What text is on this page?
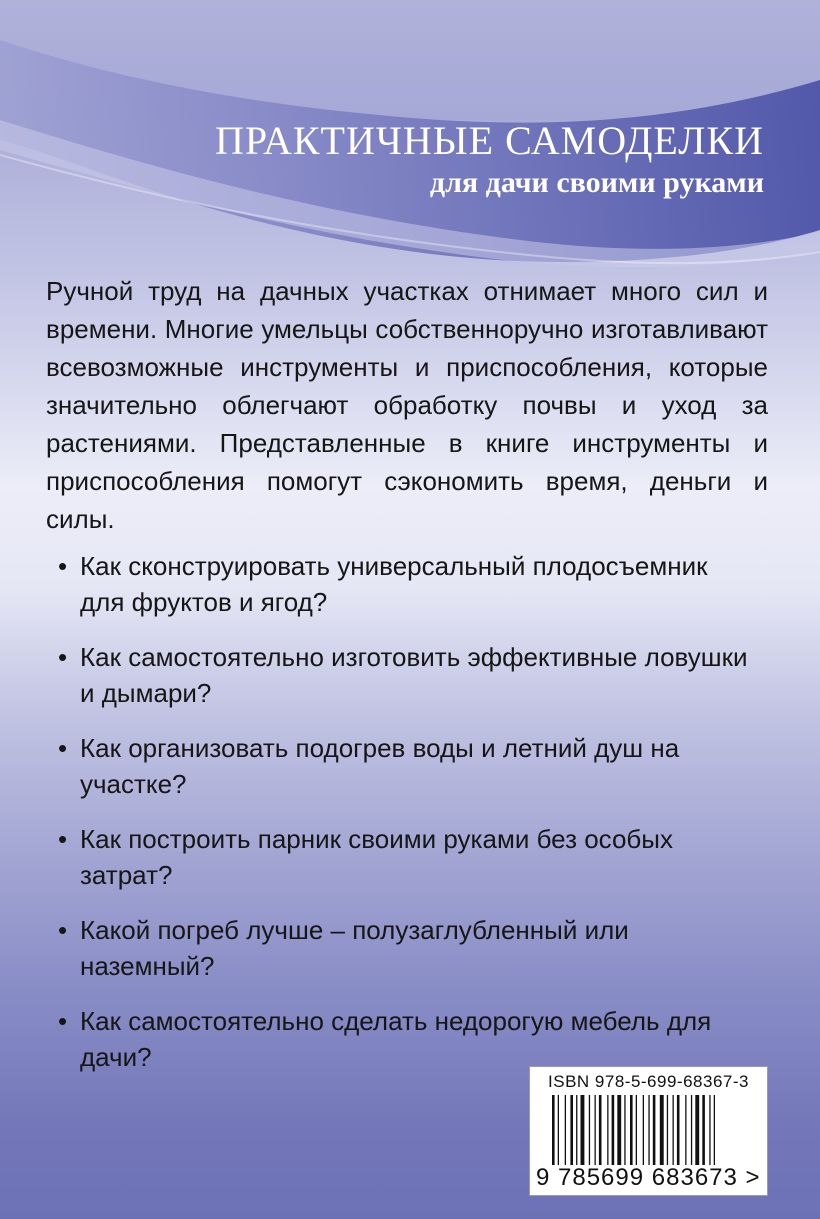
ПРАКТИЧНЫЕ САМОДЕЛКИ
для дачи своими руками

Ручной труд на дачных участках отнимает много сил и времени. Многие умельцы собственноручно изготавливают всевозможные инструменты и приспособления, которые значительно облегчают обработку почвы и уход за растениями. Представленные в книге инструменты и приспособления помогут сэкономить время, деньги и силы.

• Как сконструировать универсальный плодосъемник для фруктов и ягод?
• Как самостоятельно изготовить эффективные ловушки и дымари?
• Как организовать подогрев воды и летний душ на участке?
• Как построить парник своими руками без особых затрат?
• Какой погреб лучше – полузаглубленный или наземный?
• Как самостоятельно сделать недорогую мебель для дачи?
ISBN 978-5-699-68367-3
9 785699 683673 >
